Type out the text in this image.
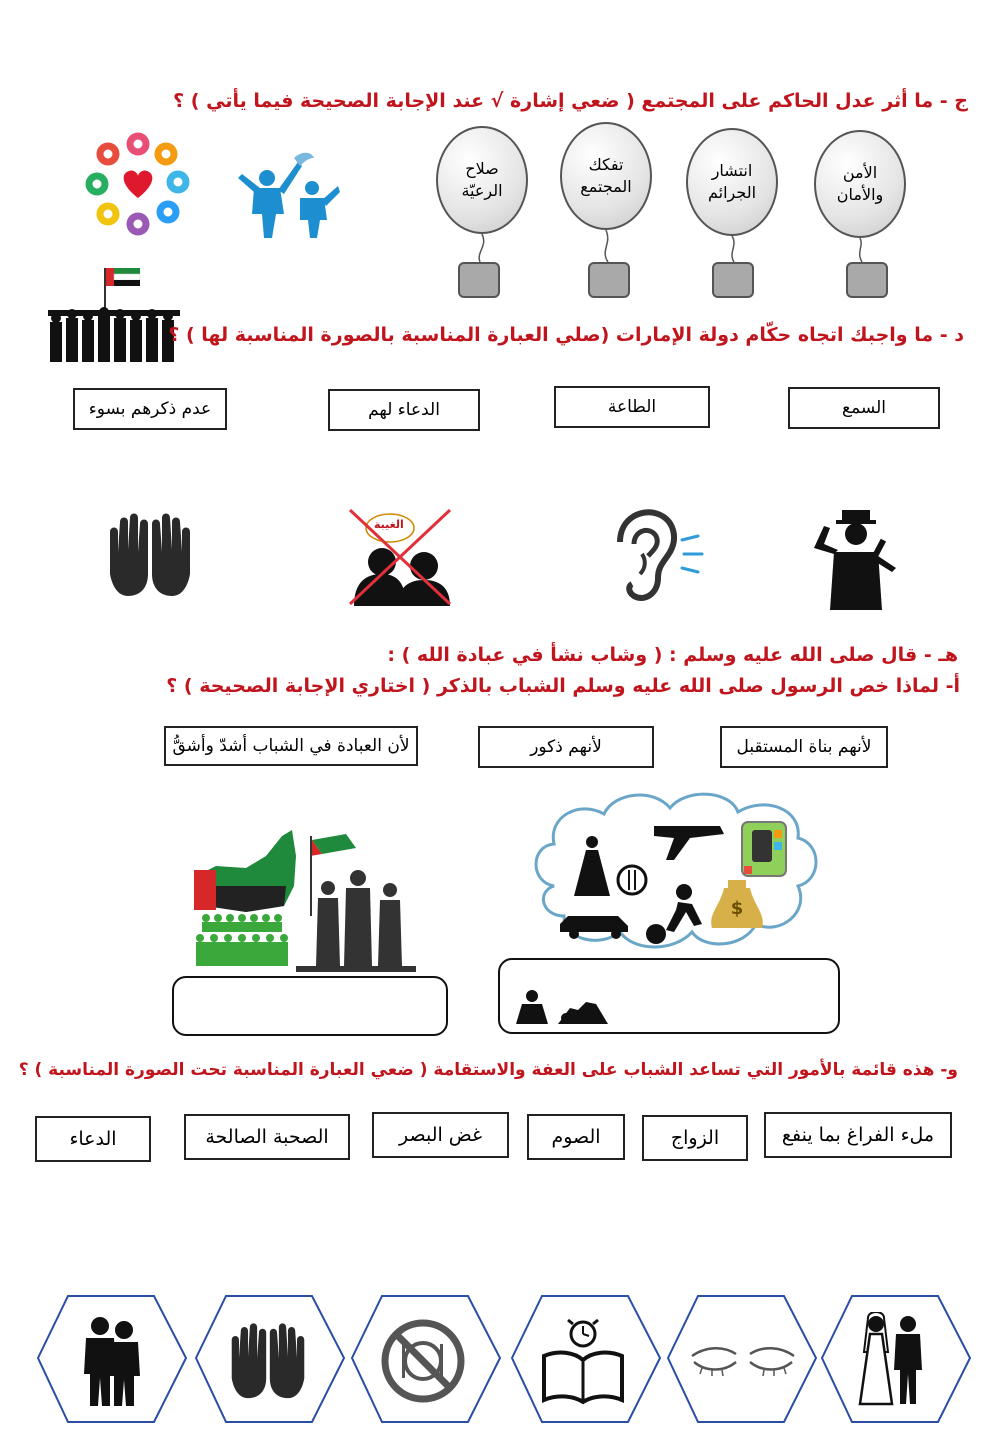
ج - ما أثر عدل الحاكم على المجتمع ( ضعي إشارة √ عند الإجابة الصحيحة فيما يأتي ) ؟
الأمن
والأمان
انتشار
الجرائم
تفكك
المجتمع
صلاح
الرعيّة
د - ما واجبك اتجاه حكّام دولة الإمارات (صلي العبارة المناسبة بالصورة المناسبة لها ) ؟
السمع
الطاعة
الدعاء لهم
عدم ذكرهم بسوء
الغيبة
هـ - قال صلى الله عليه وسلم : ( وشاب نشأ في عبادة الله ) :
أ- لماذا خص الرسول صلى الله عليه وسلم الشباب بالذكر ( اختاري الإجابة الصحيحة ) ؟
لأنهم بناة المستقبل
لأنهم ذكور
لأن العبادة في الشباب أشدّ وأشقُّ
$
و- هذه قائمة بالأمور التي تساعد الشباب على العفة والاستقامة ( ضعي العبارة المناسبة تحت الصورة المناسبة ) ؟
ملء الفراغ بما ينفع
الزواج
الصوم
غض البصر
الصحبة الصالحة
الدعاء
